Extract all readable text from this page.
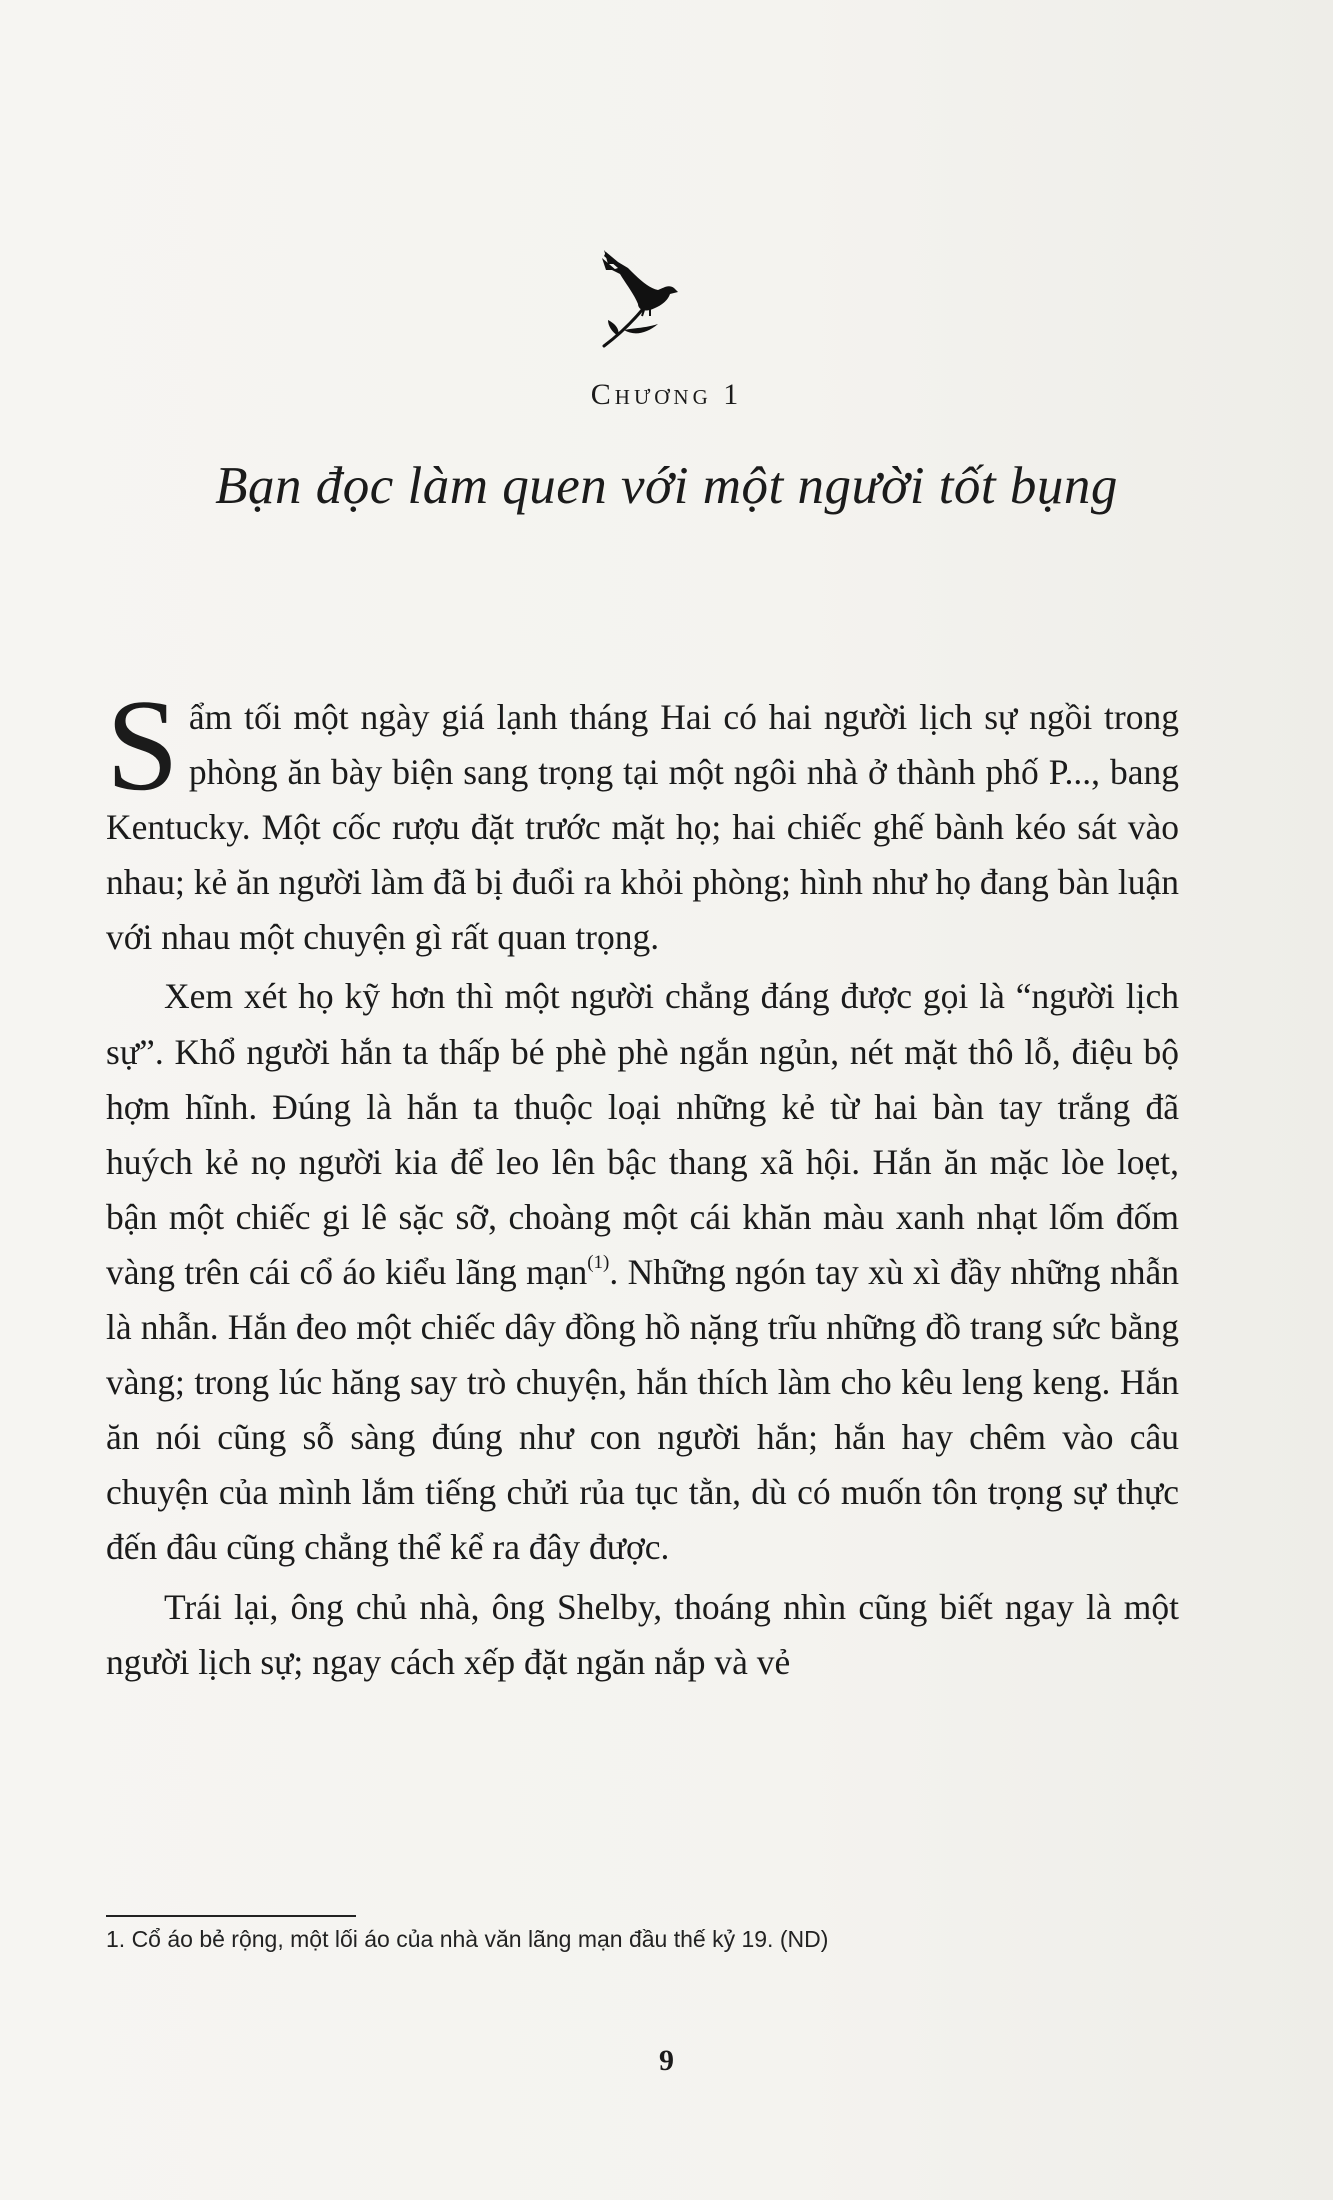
Chương 1
Bạn đọc làm quen với một người tốt bụng

Sẩm tối một ngày giá lạnh tháng Hai có hai người lịch sự ngồi trong phòng ăn bày biện sang trọng tại một ngôi nhà ở thành phố P..., bang Kentucky. Một cốc rượu đặt trước mặt họ; hai chiếc ghế bành kéo sát vào nhau; kẻ ăn người làm đã bị đuổi ra khỏi phòng; hình như họ đang bàn luận với nhau một chuyện gì rất quan trọng.

Xem xét họ kỹ hơn thì một người chẳng đáng được gọi là “người lịch sự”. Khổ người hắn ta thấp bé phè phè ngắn ngủn, nét mặt thô lỗ, điệu bộ hợm hĩnh. Đúng là hắn ta thuộc loại những kẻ từ hai bàn tay trắng đã huých kẻ nọ người kia để leo lên bậc thang xã hội. Hắn ăn mặc lòe loẹt, bận một chiếc gi lê sặc sỡ, choàng một cái khăn màu xanh nhạt lốm đốm vàng trên cái cổ áo kiểu lãng mạn$^{(1)}$. Những ngón tay xù xì đầy những nhẫn là nhẫn. Hắn đeo một chiếc dây đồng hồ nặng trĩu những đồ trang sức bằng vàng; trong lúc hăng say trò chuyện, hắn thích làm cho kêu leng keng. Hắn ăn nói cũng sỗ sàng đúng như con người hắn; hắn hay chêm vào câu chuyện của mình lắm tiếng chửi rủa tục tằn, dù có muốn tôn trọng sự thực đến đâu cũng chẳng thể kể ra đây được.

Trái lại, ông chủ nhà, ông Shelby, thoáng nhìn cũng biết ngay là một người lịch sự; ngay cách xếp đặt ngăn nắp và vẻ

1. Cổ áo bẻ rộng, một lối áo của nhà văn lãng mạn đầu thế kỷ 19. (ND)
9
